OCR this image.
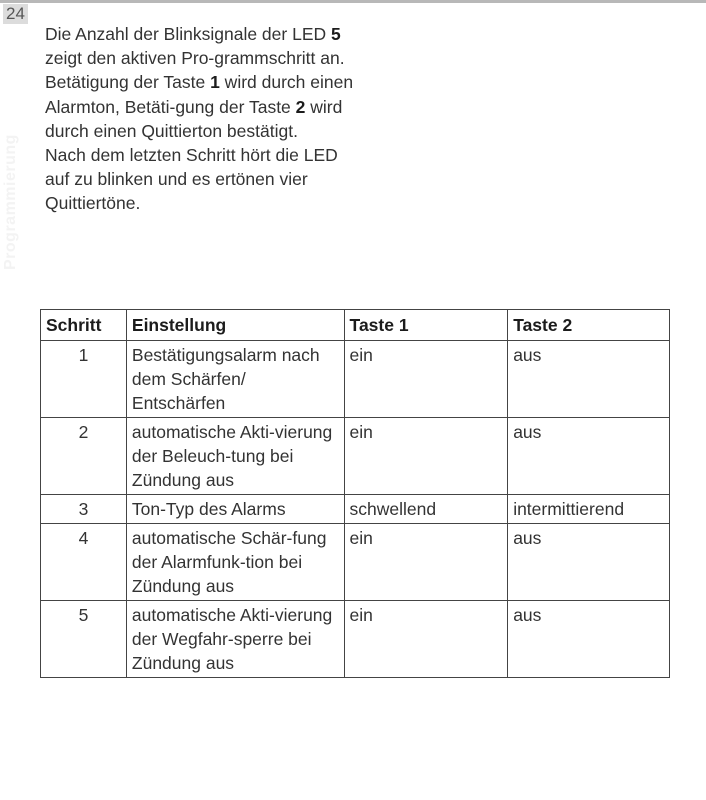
24
Programmierung
Die Anzahl der Blinksignale der LED 5 zeigt den aktiven Pro-grammschritt an.
Betätigung der Taste 1 wird durch einen Alarmton, Betäti-gung der Taste 2 wird durch einen Quittierton bestätigt.
Nach dem letzten Schritt hört die LED auf zu blinken und es ertönen vier Quittiertöne.
Schritt	Einstellung	Taste 1	Taste 2
1	Bestätigungsalarm nach dem Schärfen/ Entschärfen	ein	aus
2	automatische Akti-vierung der Beleuch-tung bei Zündung aus	ein	aus
3	Ton-Typ des Alarms	schwellend	intermittierend
4	automatische Schär-fung der Alarmfunk-tion bei Zündung aus	ein	aus
5	automatische Akti-vierung der Wegfahr-sperre bei Zündung aus	ein	aus
